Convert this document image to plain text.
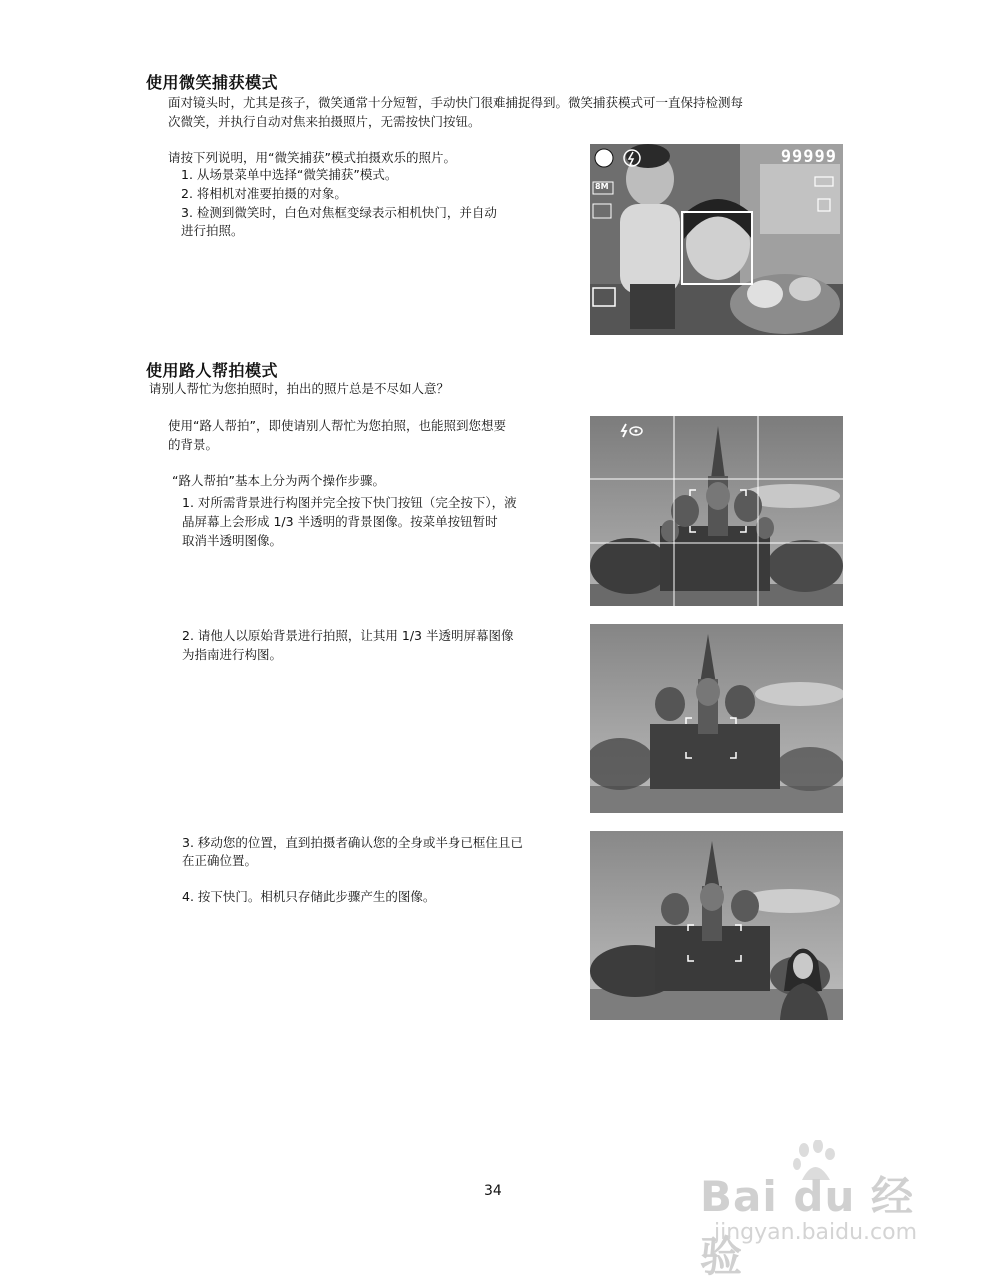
使用微笑捕获模式
面对镜头时，尤其是孩子，微笑通常十分短暂，手动快门很难捕捉得到。微笑捕获模式可一直保持检测每
次微笑，并执行自动对焦来拍摄照片，无需按快门按钮。
请按下列说明，用“微笑捕获”模式拍摄欢乐的照片。
1. 从场景菜单中选择“微笑捕获”模式。
2. 将相机对准要拍摄的对象。
3. 检测到微笑时，白色对焦框变绿表示相机快门，并自动
进行拍照。
99999
8M
使用路人帮拍模式
请别人帮忙为您拍照时，拍出的照片总是不尽如人意？
使用“路人帮拍”，即使请别人帮忙为您拍照，也能照到您想要
的背景。
“路人帮拍”基本上分为两个操作步骤。
1. 对所需背景进行构图并完全按下快门按钮（完全按下），液
晶屏幕上会形成 1/3 半透明的背景图像。按菜单按钮暂时
取消半透明图像。
2. 请他人以原始背景进行拍照，让其用 1/3 半透明屏幕图像
为指南进行构图。
3. 移动您的位置，直到拍摄者确认您的全身或半身已框住且已
在正确位置。
4. 按下快门。相机只存储此步骤产生的图像。
34	Bai du 经验
jingyan.baidu.com
